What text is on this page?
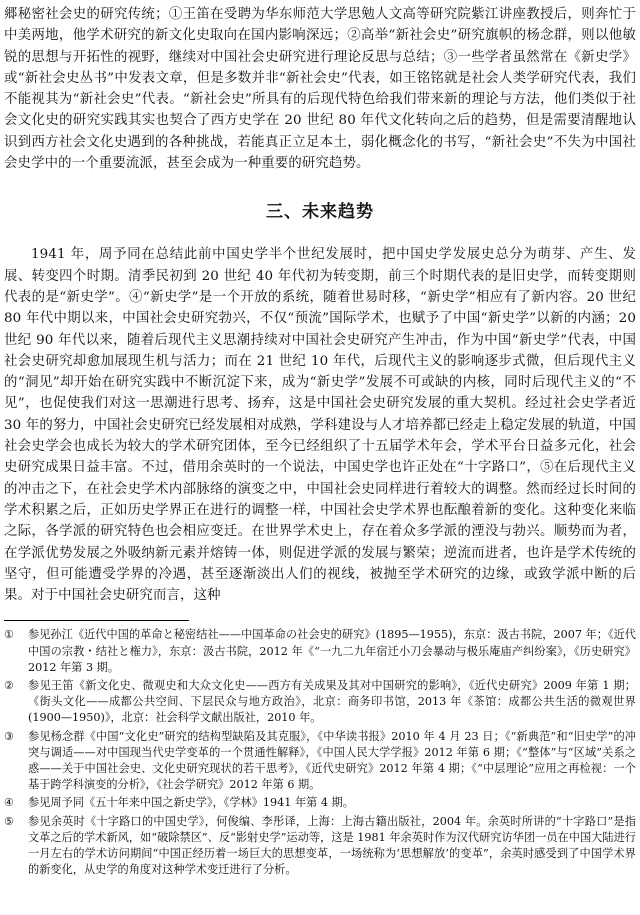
郷秘密社会史的研究传统；①王笛在受聘为华东师范大学思勉人文高等研究院紫江讲座教授后，则奔忙于中美两地，他学术研究的新文化史取向在国内影响深远；②高举“新社会史”研究旗帜的杨念群，则以他敏锐的思想与开拓性的视野，继续对中国社会史研究进行理论反思与总结；③一些学者虽然常在《新史学》或“新社会史丛书”中发表文章，但是多数并非“新社会史”代表，如王铭铭就是社会人类学研究代表，我们不能视其为“新社会史”代表。“新社会史”所具有的后现代特色给我们带来新的理论与方法，他们类似于社会文化史的研究实践其实也契合了西方史学在 20 世纪 80 年代文化转向之后的趋势，但是需要清醒地认识到西方社会文化史遇到的各种挑战，若能真正立足本土，弱化概念化的书写，“新社会史”不失为中国社会史学中的一个重要流派，甚至会成为一种重要的研究趋势。

三、未来趋势

1941 年，周予同在总结此前中国史学半个世纪发展时，把中国史学发展史总分为萌芽、产生、发展、转变四个时期。清季民初到 20 世纪 40 年代初为转变期，前三个时期代表的是旧史学，而转变期则代表的是“新史学”。④“新史学”是一个开放的系统，随着世易时移，“新史学”相应有了新内容。20 世纪 80 年代中期以来，中国社会史研究勃兴，不仅“预流”国际学术，也赋予了中国“新史学”以新的内涵；20 世纪 90 年代以来，随着后现代主义思潮持续对中国社会史研究产生冲击，作为中国“新史学”代表，中国社会史研究却愈加展现生机与活力；而在 21 世纪 10 年代，后现代主义的影响逐步式微，但后现代主义的“洞见”却开始在研究实践中不断沉淀下来，成为“新史学”发展不可或缺的内核，同时后现代主义的“不见”，也促使我们对这一思潮进行思考、扬弃，这是中国社会史研究发展的重大契机。经过社会史学者近 30 年的努力，中国社会史研究已经发展相对成熟，学科建设与人才培养都已经走上稳定发展的轨道，中国社会史学会也成长为较大的学术研究团体，至今已经组织了十五届学术年会，学术平台日益多元化，社会史研究成果日益丰富。不过，借用余英时的一个说法，中国史学也许正处在“十字路口”，⑤在后现代主义的冲击之下，在社会史学术内部脉络的演变之中，中国社会史同样进行着较大的调整。然而经过长时间的学术积累之后，正如历史学界正在进行的调整一样，中国社会史学术界也酝酿着新的变化。这种变化来临之际，各学派的研究特色也会相应变迁。在世界学术史上，存在着众多学派的湮没与勃兴。顺势而为者，在学派优势发展之外吸纳新元素并熔铸一体，则促进学派的发展与繁荣；逆流而进者，也许是学术传统的坚守，但可能遭受学界的冷遇，甚至逐渐淡出人们的视线，被抛至学术研究的边缘，或致学派中断的后果。对于中国社会史研究而言，这种

①	参见孙江《近代中国的革命と秘密结社——中国革命の社会史的研究》(1895—1955)，东京：汲古书院，2007 年；《近代中国の宗教・结社と権力》，东京：汲古书院，2012 年《“一九二九年宿迁小刀会暴动与极乐庵庙产纠纷案》，《历史研究》2012 年第 3 期。
②	参见王笛《新文化史、微观史和大众文化史——西方有关成果及其对中国研究的影响》，《近代史研究》2009 年第 1 期；《街头文化——成都公共空间、下层民众与地方政治》，北京：商务印书馆，2013 年《茶馆：成都公共生活的微观世界 (1900—1950)》，北京：社会科学文献出版社，2010 年。
③	参见杨念群《中国“文化史”研究的结构型缺陷及其克服》，《中华读书报》2010 年 4 月 23 日；《“新典范”和“旧史学”的冲突与调适——对中国现当代史学变革的一个贯通性解释》，《中国人民大学学报》2012 年第 6 期；《“整体”与“区域”关系之惑——关于中国社会史、文化史研究现状的若干思考》，《近代史研究》2012 年第 4 期；《“中层理论”应用之再检视：一个基于跨学科演变的分析》，《社会学研究》2012 年第 6 期。
④	参见周予同《五十年来中国之新史学》，《学林》1941 年第 4 期。
⑤	参见余英时《十字路口的中国史学》，何俊编、李彤译，上海：上海古籍出版社，2004 年。余英时所讲的“十字路口”是指文革之后的学术新风，如“破除禁区”、反“影射史学”运动等，这是 1981 年余英时作为汉代研究访华团一员在中国大陆进行一月左右的学术访问期间“中国正经历着一场巨大的思想变革，一场统称为‘思想解放’的变革”，余英时感受到了中国学术界的新变化，从史学的角度对这种学术变迁进行了分析。
